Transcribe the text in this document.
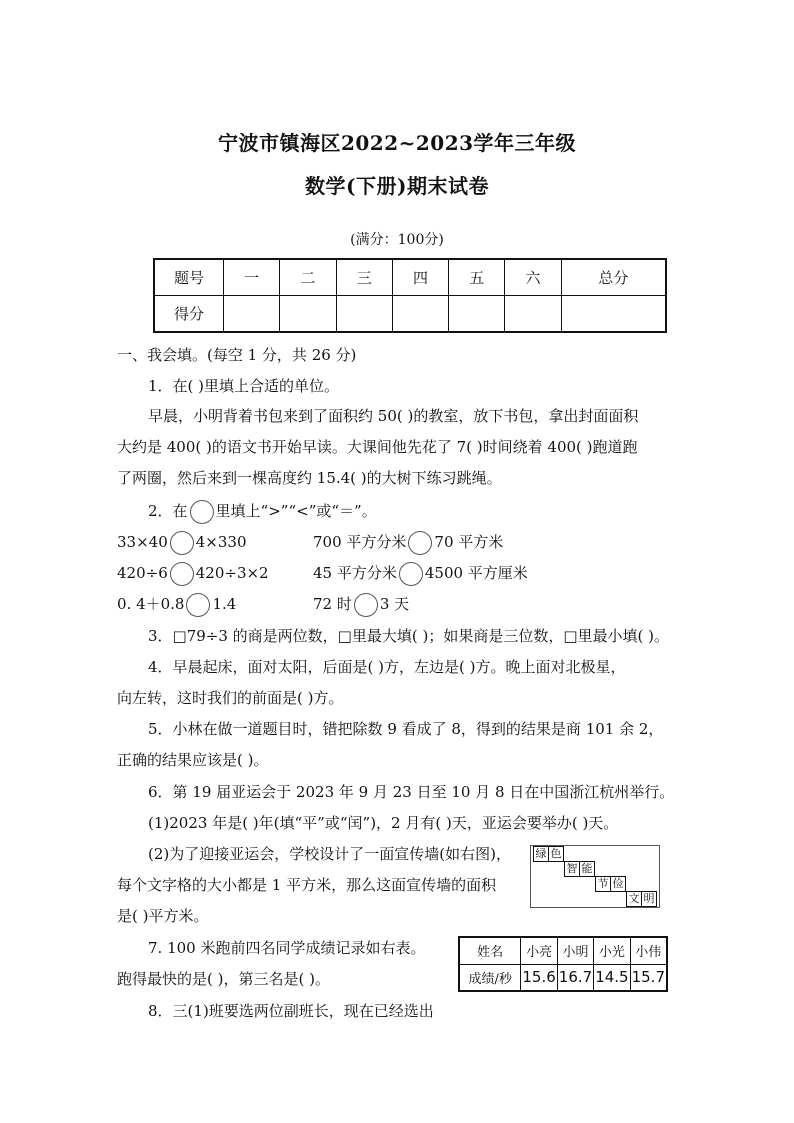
宁波市镇海区2022~2023学年三年级
数学(下册)期末试卷
(满分：100分)
题号	一	二	三	四	五	六	总分
得分							
一、我会填。(每空 1 分，共 26 分)
1．在( )里填上合适的单位。
早晨，小明背着书包来到了面积约 50( )的教室，放下书包，拿出封面面积
大约是 400( )的语文书开始早读。大课间他先花了 7( )时间绕着 400( )跑道跑
了两圈，然后来到一棵高度约 15.4( )的大树下练习跳绳。
2．在 里填上“>”“<”或“＝”。
33×40 4×330	700 平方分米 70 平方米
420÷6 420÷3×2	45 平方分米 4500 平方厘米
0. 4＋0.8 1.4	72 时 3 天
3．□79÷3 的商是两位数，□里最大填( )；如果商是三位数，□里最小填( )。
4．早晨起床，面对太阳，后面是( )方，左边是( )方。晚上面对北极星，
向左转，这时我们的前面是( )方。
5．小林在做一道题目时，错把除数 9 看成了 8，得到的结果是商 101 余 2，
正确的结果应该是( )。
6．第 19 届亚运会于 2023 年 9 月 23 日至 10 月 8 日在中国浙江杭州举行。
(1)2023 年是( )年(填“平”或“闰”)，2 月有( )天，亚运会要举办( )天。
(2)为了迎接亚运会，学校设计了一面宣传墙(如右图)，
每个文字格的大小都是 1 平方米，那么这面宣传墙的面积
是( )平方米。
绿 色
智 能
节 俭
文 明
7. 100 米跑前四名同学成绩记录如右表。
跑得最快的是( )，第三名是( )。
姓名	小亮	小明	小光	小伟
成绩/秒	15.6	16.7	14.5	15.7
8．三(1)班要选两位副班长，现在已经选出
